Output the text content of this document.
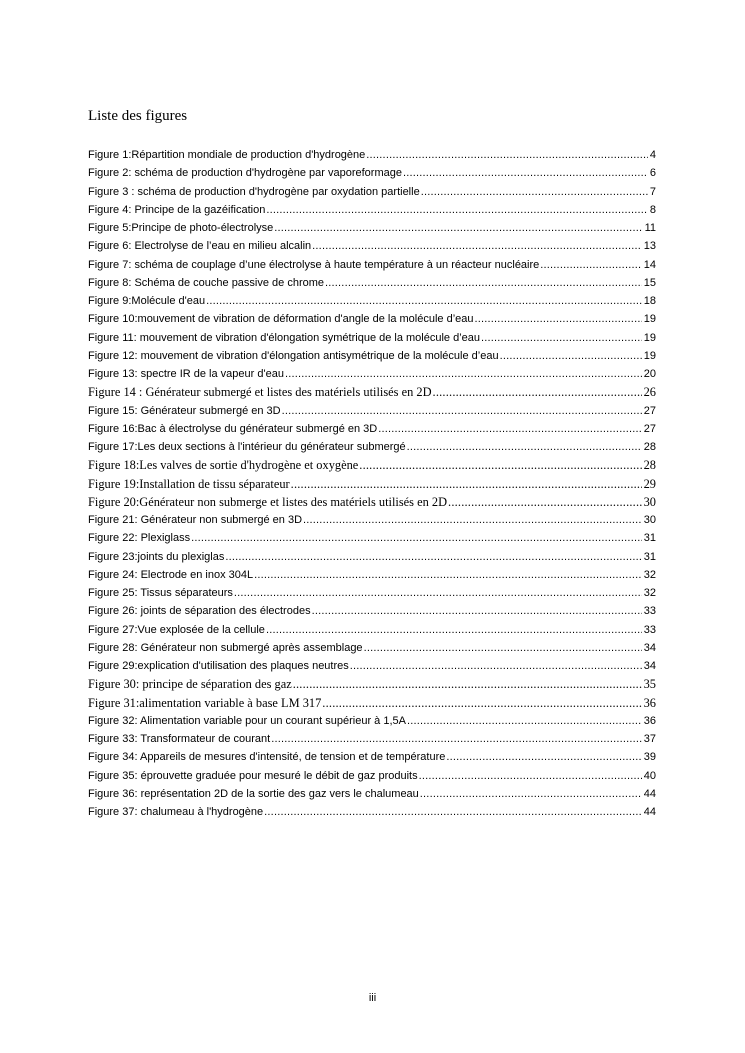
Liste des figures
Figure 1:Répartition mondiale de production d'hydrogène .....	4
Figure 2: schéma de production d'hydrogène par vaporeformage .....	6
Figure 3 : schéma de production d'hydrogène par oxydation partielle .....	7
Figure 4: Principe de la gazéification .....	8
Figure 5:Principe de photo-électrolyse .....	11
Figure 6: Electrolyse de l’eau en milieu alcalin .....	13
Figure 7: schéma de couplage d’une électrolyse à haute température à un réacteur nucléaire .....	14
Figure 8: Schéma de couche passive de chrome .....	15
Figure 9:Molécule d'eau .....	18
Figure 10:mouvement de vibration de déformation d'angle de la molécule d’eau .....	19
Figure 11: mouvement de vibration d'élongation symétrique de la molécule d’eau .....	19
Figure 12: mouvement de vibration d'élongation antisymétrique de la molécule d’eau .....	19
Figure 13: spectre IR de la vapeur d'eau .....	20
Figure 14 : Générateur submergé et listes des matériels utilisés en 2D .....	26
Figure 15: Générateur submergé en 3D .....	27
Figure 16:Bac à électrolyse du générateur submergé en 3D .....	27
Figure 17:Les deux sections à l'intérieur du générateur submergé .....	28
Figure 18:Les valves de sortie d'hydrogène et oxygène .....	28
Figure 19:Installation de tissu séparateur .....	29
Figure 20:Générateur non submerge et listes des matériels utilisés en 2D .....	30
Figure 21: Générateur non submergé en 3D .....	30
Figure 22: Plexiglass .....	31
Figure 23:joints du plexiglas .....	31
Figure 24: Electrode en inox 304L .....	32
Figure 25: Tissus séparateurs .....	32
Figure 26: joints de séparation des électrodes .....	33
Figure 27:Vue explosée de la cellule .....	33
Figure 28: Générateur non submergé après assemblage .....	34
Figure 29:explication d'utilisation des plaques neutres .....	34
Figure 30: principe de séparation des gaz .....	35
Figure 31:alimentation variable à base LM 317 .....	36
Figure 32: Alimentation variable pour un courant supérieur à 1,5A .....	36
Figure 33: Transformateur de courant .....	37
Figure 34: Appareils de mesures d'intensité, de tension et de température .....	39
Figure 35: éprouvette graduée pour mesuré le débit de gaz produits .....	40
Figure 36: représentation 2D de la sortie des gaz vers le chalumeau .....	44
Figure 37: chalumeau à l'hydrogène .....	44
iii
